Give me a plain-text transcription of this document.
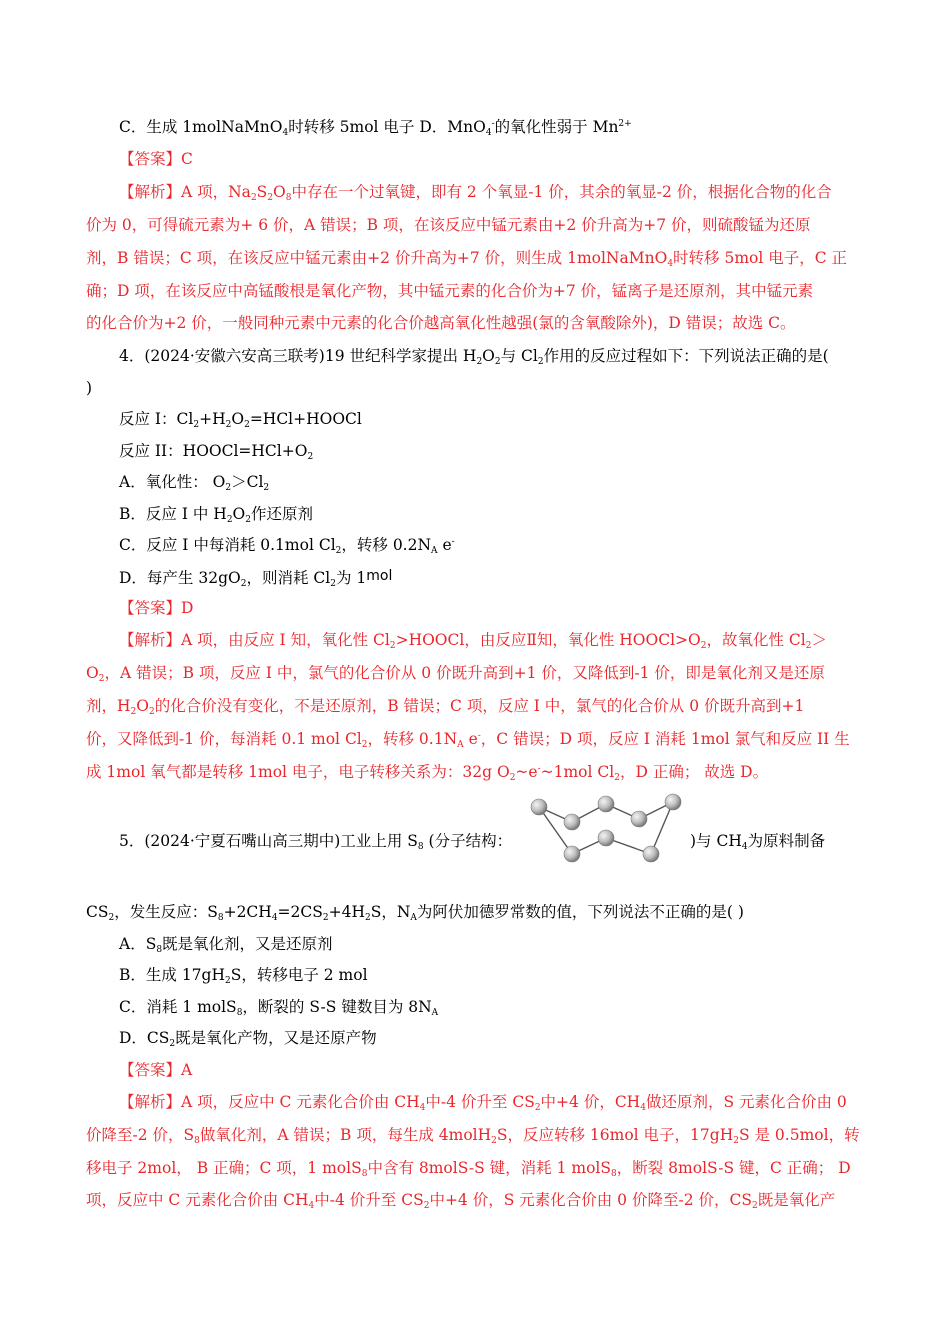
C．生成 1molNaMnO$_4$时转移 5mol 电子 D．MnO$_4$-的氧化性弱于 $Mn^{2+}$
【答案】C
【解析】A 项，$Na_2S_2O_8$中存在一个过氧键，即有 2 个氧显-1 价，其余的氧显-2 价，根据化合物的化合
价为 0，可得硫元素为+ 6 价，A 错误；B 项，在该反应中锰元素由+2 价升高为+7 价，则硫酸锰为还原
剂，B 错误；C 项，在该反应中锰元素由+2 价升高为+7 价，则生成 1molNaMnO$_4$时转移 5mol 电子，C 正
确；D 项，在该反应中高锰酸根是氧化产物，其中锰元素的化合价为+7 价，锰离子是还原剂，其中锰元素
的化合价为+2 价，一般同种元素中元素的化合价越高氧化性越强(氯的含氧酸除外)，D 错误；故选 C。
4．(2024·安徽六安高三联考)19 世纪科学家提出 $H_2O_2$与 $Cl_2$作用的反应过程如下：下列说法正确的是(
)
反应 I：$Cl_2+H_2O_2=HCl+HOOCl$
反应 II：$HOOCl=HCl+O_2$
A．氧化性： $O_2>Cl_2$
B．反应 I 中 $H_2O_2$作还原剂
C．反应 I 中每消耗 0.1mol $Cl_2$，转移 $0.2N_A$ e-
D．每产生 $32gO_2$，则消耗 $Cl_2$为 1mol
【答案】D
【解析】A 项，由反应 I 知，氧化性 $Cl_2>HOOCl$，由反应Ⅱ知，氧化性 $HOOCl>O_2$，故氧化性 $Cl_2>$
$O_2$，A 错误；B 项，反应 I 中，氯气的化合价从 0 价既升高到+1 价，又降低到-1 价，即是氧化剂又是还原
剂，$H_2O_2$的化合价没有变化，不是还原剂，B 错误；C 项，反应 I 中，氯气的化合价从 0 价既升高到+1
价，又降低到-1 价，每消耗 0.1 mol $Cl_2$，转移 $0.1N_A$ e-，C 错误；D 项，反应 I 消耗 1mol 氯气和反应 II 生
成 1mol 氧气都是转移 1mol 电子，电子转移关系为：32g $O_2\sim e^-\sim 1mol$ $Cl_2$，D 正确； 故选 D。
5．(2024·宁夏石嘴山高三期中)工业上用 $S_8$ (分子结构：	)与 $CH_4$为原料制备
$CS_2$，发生反应：$S_8+2CH_4=2CS_2+4H_2S$，$N_A$为阿伏加德罗常数的值，下列说法不正确的是( )
A．$S_8$既是氧化剂，又是还原剂
B．生成 $17gH_2S$，转移电子 2 mol
C．消耗 1 molS$_8$，断裂的 S-S 键数目为 $8N_A$
D．$CS_2$既是氧化产物，又是还原产物
【答案】A
【解析】A 项，反应中 C 元素化合价由 $CH_4$中-4 价升至 $CS_2$中+4 价，$CH_4$做还原剂，S 元素化合价由 0
价降至-2 价，$S_8$做氧化剂，A 错误；B 项，每生成 4molH$_2$S，反应转移 16mol 电子，$17gH_2S$ 是 0.5mol，转
移电子 2mol， B 正确；C 项，1 molS$_8$中含有 8molS-S 键，消耗 1 molS$_8$，断裂 8molS-S 键，C 正确； D
项，反应中 C 元素化合价由 $CH_4$中-4 价升至 $CS_2$中+4 价，S 元素化合价由 0 价降至-2 价，$CS_2$既是氧化产
